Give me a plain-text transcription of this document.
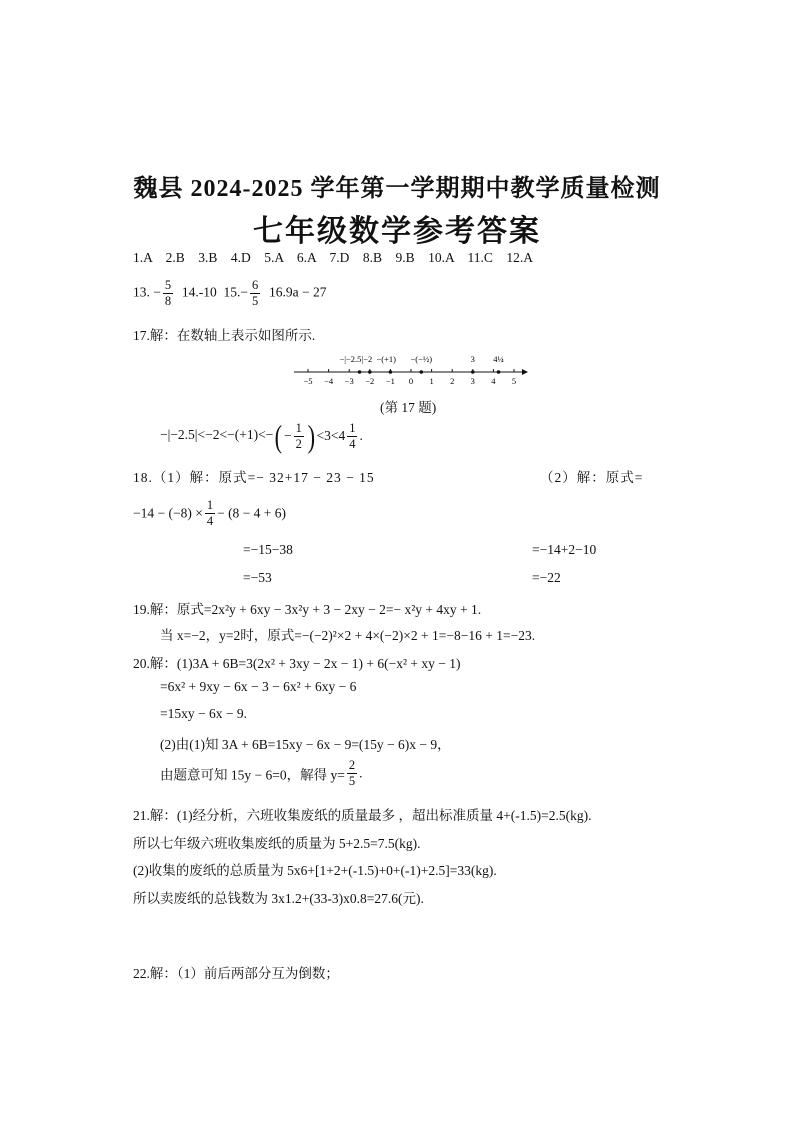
魏县 2024-2025 学年第一学期期中教学质量检测
七年级数学参考答案
1.A　2.B　3.B　4.D　5.A　6.A　7.D　8.B　9.B　10.A　11.C　12.A
13. − $\frac{5}{8} 14.-10$ $15.- \frac{6}{5} 16.9a - 27$
17.解：在数轴上表示如图所示.
−5 −4 −3 −2 −1 0 1 2 3 4 5
−|−2.5| −2 −(+1) −(−½)	3 4¼
(第 17 题)
$-|-2.5|<-2<-(+1)<-( - \frac{1}{2}$ ) $<3<4 \frac{1}{4}$ .
18.（1）解：原式=− 32+17 − 23 − 15	（2）解：原式=
$-14 - (-8) \times \frac{1}{4} - (8 - 4 + 6)$
=−15−38	=−14+2−10
=−53	=−22
19.解：原式=2x²y + 6xy − 3x²y + 3 − 2xy − 2=− x²y + 4xy + 1.
当 x=−2，y=2时，原式=−(−2)²×2 + 4×(−2)×2 + 1=−8−16 + 1=−23.
20.解：(1)3A + 6B=3(2x² + 3xy − 2x − 1) + 6(−x² + xy − 1)
=6x² + 9xy − 6x − 3 − 6x² + 6xy − 6
=15xy − 6x − 9.
(2)由(1)知 3A + 6B=15xy − 6x − 9=(15y − 6)x − 9，
由题意可知 15y − 6=0，解得 $y= \frac{2}{5}$ .
21.解：(1)经分析，六班收集废纸的质量最多 ，超出标准质量 4+(-1.5)=2.5(kg).
所以七年级六班收集废纸的质量为 5+2.5=7.5(kg).
(2)收集的废纸的总质量为 5x6+[1+2+(-1.5)+0+(-1)+2.5]=33(kg).
所以卖废纸的总钱数为 3x1.2+(33-3)x0.8=27.6(元).
22.解：（1）前后两部分互为倒数；
